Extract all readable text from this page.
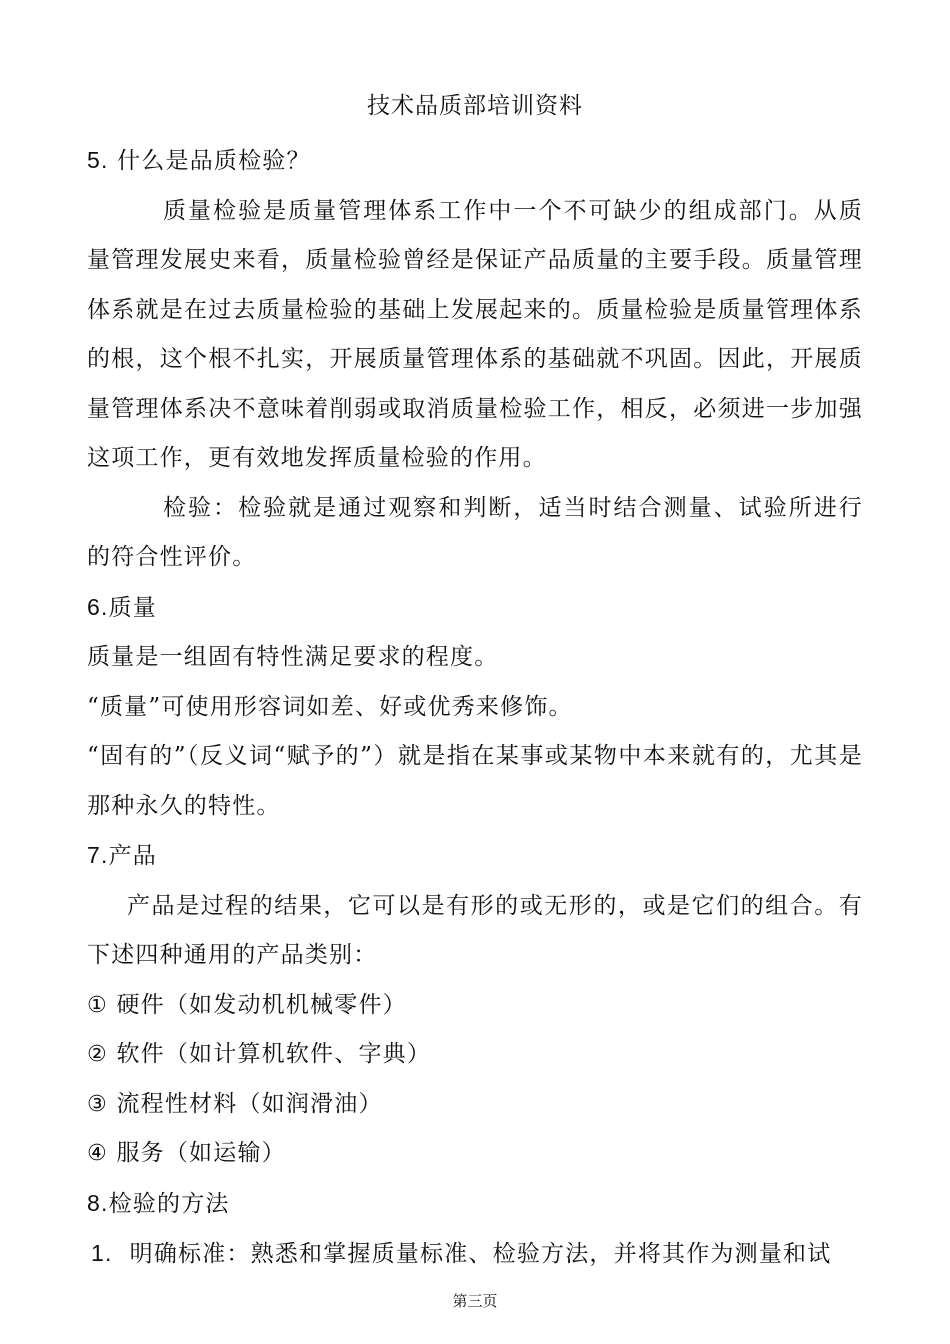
技术品质部培训资料

5. 什么是品质检验？

质量检验是质量管理体系工作中一个不可缺少的组成部门。从质量管理发展史来看，质量检验曾经是保证产品质量的主要手段。质量管理体系就是在过去质量检验的基础上发展起来的。质量检验是质量管理体系的根，这个根不扎实，开展质量管理体系的基础就不巩固。因此，开展质量管理体系决不意味着削弱或取消质量检验工作，相反，必须进一步加强这项工作，更有效地发挥质量检验的作用。

检验：检验就是通过观察和判断，适当时结合测量、试验所进行的符合性评价。

6.质量

质量是一组固有特性满足要求的程度。

“质量”可使用形容词如差、好或优秀来修饰。

“固有的”（反义词“赋予的”）就是指在某事或某物中本来就有的，尤其是那种永久的特性。

7.产品

产品是过程的结果，它可以是有形的或无形的，或是它们的组合。有下述四种通用的产品类别：

① 硬件（如发动机机械零件）

② 软件（如计算机软件、字典）

③ 流程性材料（如润滑油）

④ 服务（如运输）

8.检验的方法

1.  明确标准：熟悉和掌握质量标准、检验方法，并将其作为测量和试

第三页
